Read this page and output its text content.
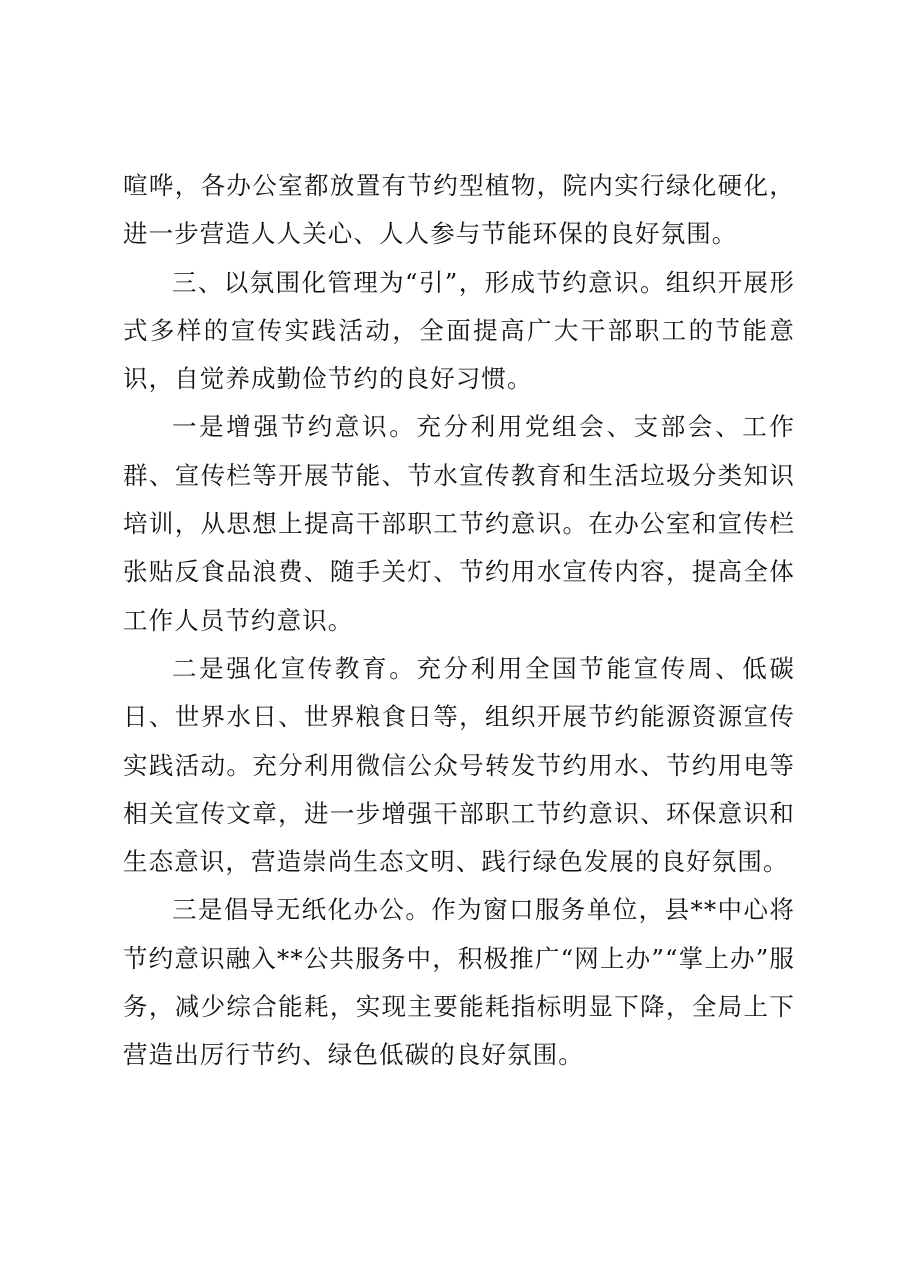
喧哗，各办公室都放置有节约型植物，院内实行绿化硬化，进一步营造人人关心、人人参与节能环保的良好氛围。

三、以氛围化管理为“引”，形成节约意识。组织开展形式多样的宣传实践活动，全面提高广大干部职工的节能意识，自觉养成勤俭节约的良好习惯。

一是增强节约意识。充分利用党组会、支部会、工作群、宣传栏等开展节能、节水宣传教育和生活垃圾分类知识培训，从思想上提高干部职工节约意识。在办公室和宣传栏张贴反食品浪费、随手关灯、节约用水宣传内容，提高全体工作人员节约意识。

二是强化宣传教育。充分利用全国节能宣传周、低碳日、世界水日、世界粮食日等，组织开展节约能源资源宣传实践活动。充分利用微信公众号转发节约用水、节约用电等相关宣传文章，进一步增强干部职工节约意识、环保意识和生态意识，营造崇尚生态文明、践行绿色发展的良好氛围。

三是倡导无纸化办公。作为窗口服务单位，县**中心将节约意识融入**公共服务中，积极推广“网上办”“掌上办”服务，减少综合能耗，实现主要能耗指标明显下降，全局上下营造出厉行节约、绿色低碳的良好氛围。
